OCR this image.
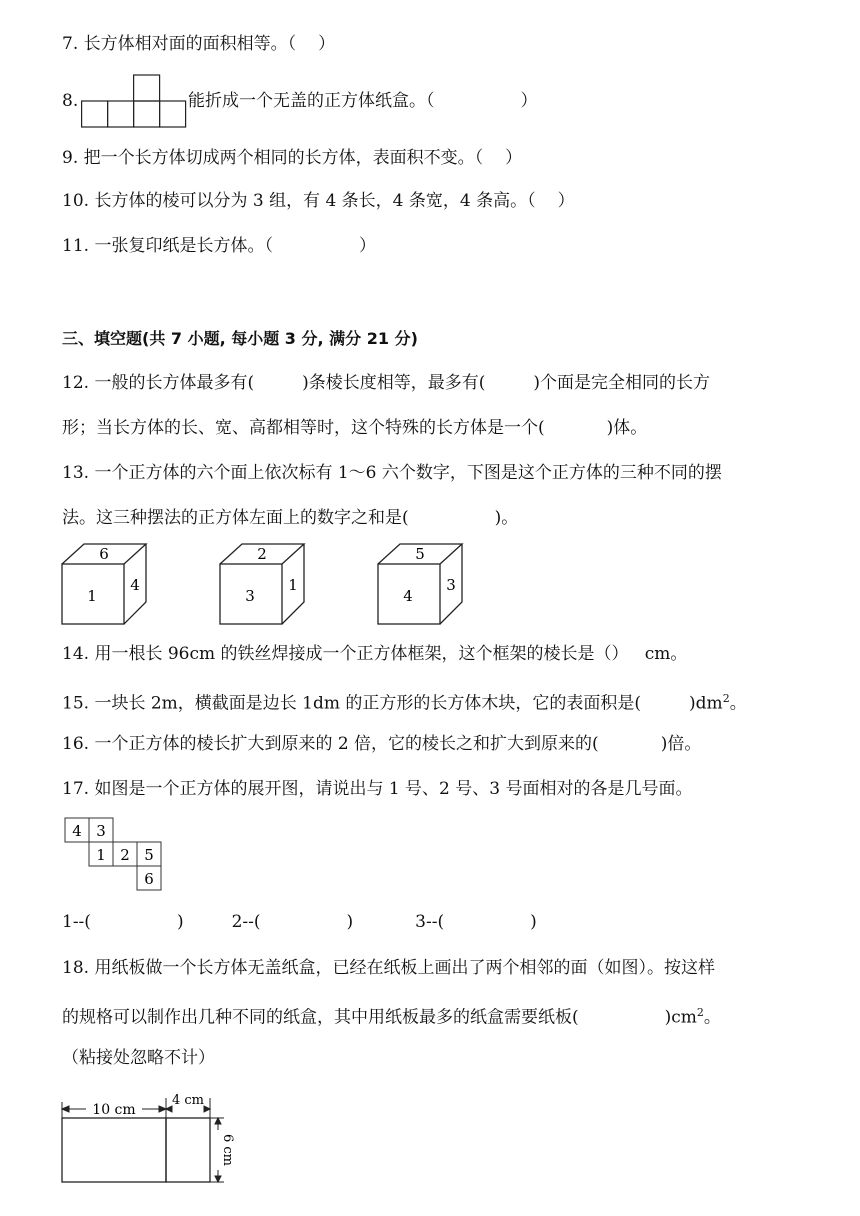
7. 长方体相对面的面积相等。（ ）
8.	能折成一个无盖的正方体纸盒。（	）
9. 把一个长方体切成两个相同的长方体，表面积不变。（ ）
10. 长方体的棱可以分为 3 组，有 4 条长，4 条宽，4 条高。（ ）
11. 一张复印纸是长方体。（	）
三、填空题(共 7 小题, 每小题 3 分, 满分 21 分)
12. 一般的长方体最多有(	)条棱长度相等，最多有(	)个面是完全相同的长方
形；当长方体的长、宽、高都相等时，这个特殊的长方体是一个(	)体。
13. 一个正方体的六个面上依次标有 1～6 六个数字，下图是这个正方体的三种不同的摆
法。这三种摆法的正方体左面上的数字之和是(	)。
6
1
4
2
3
1
5
4
3
14. 用一根长 96cm 的铁丝焊接成一个正方体框架，这个框架的棱长是（） cm。
15. 一块长 2m，横截面是边长 1dm 的正方形的长方体木块，它的表面积是(	)$dm^2$。
16. 一个正方体的棱长扩大到原来的 2 倍，它的棱长之和扩大到原来的(	)倍。
17. 如图是一个正方体的展开图，请说出与 1 号、2 号、3 号面相对的各是几号面。
4 3
1 2 5
6
1--(	)	2--(	)	3--(	)
18. 用纸板做一个长方体无盖纸盒，已经在纸板上画出了两个相邻的面（如图）。按这样
的规格可以制作出几种不同的纸盒，其中用纸板最多的纸盒需要纸板(	)$cm^2$。
（粘接处忽略不计）
10 cm
4 cm
6 cm
